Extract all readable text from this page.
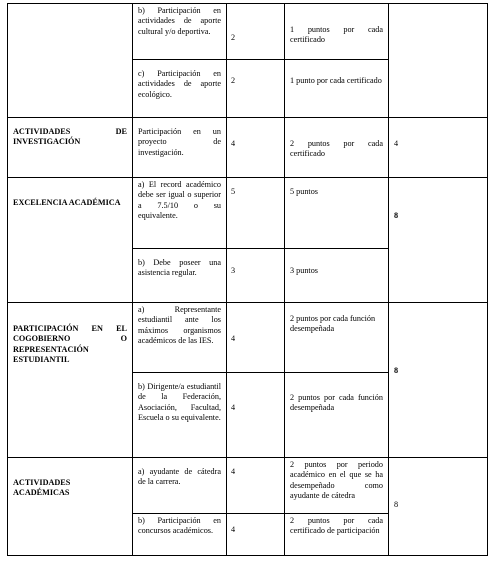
	b) Participación en actividades de aporte cultural y/o deportiva.	2	1 puntos por cada certificado	

	c) Participación en actividades de aporte ecológico.	2	1 punto por cada certificado	

ACTIVIDADES DE INVESTIGACIÓN	Participación en un proyecto de investigación.	4	2 puntos por cada certificado	4

EXCELENCIA ACADÉMICA	a) El record académico debe ser igual o superior a 7.5/10 o su equivalente.	5	5 puntos	8

	b) Debe poseer una asistencia regular.	3	3 puntos	

PARTICIPACIÓN EN EL COGOBIERNO O REPRESENTACIÓN ESTUDIANTIL	a) Representante estudiantil ante los máximos organismos académicos de las IES.	4	2 puntos por cada función desempeñada	8

	b) Dirigente/a estudiantil de la Federación, Asociación, Facultad, Escuela o su equivalente.	4	2 puntos por cada función desempeñada	

ACTIVIDADES ACADÉMICAS	a) ayudante de cátedra de la carrera.	4	2 puntos por periodo académico en el que se ha desempeñado como ayudante de cátedra	8

	b) Participación en concursos académicos.	4	2 puntos por cada certificado de participación	
